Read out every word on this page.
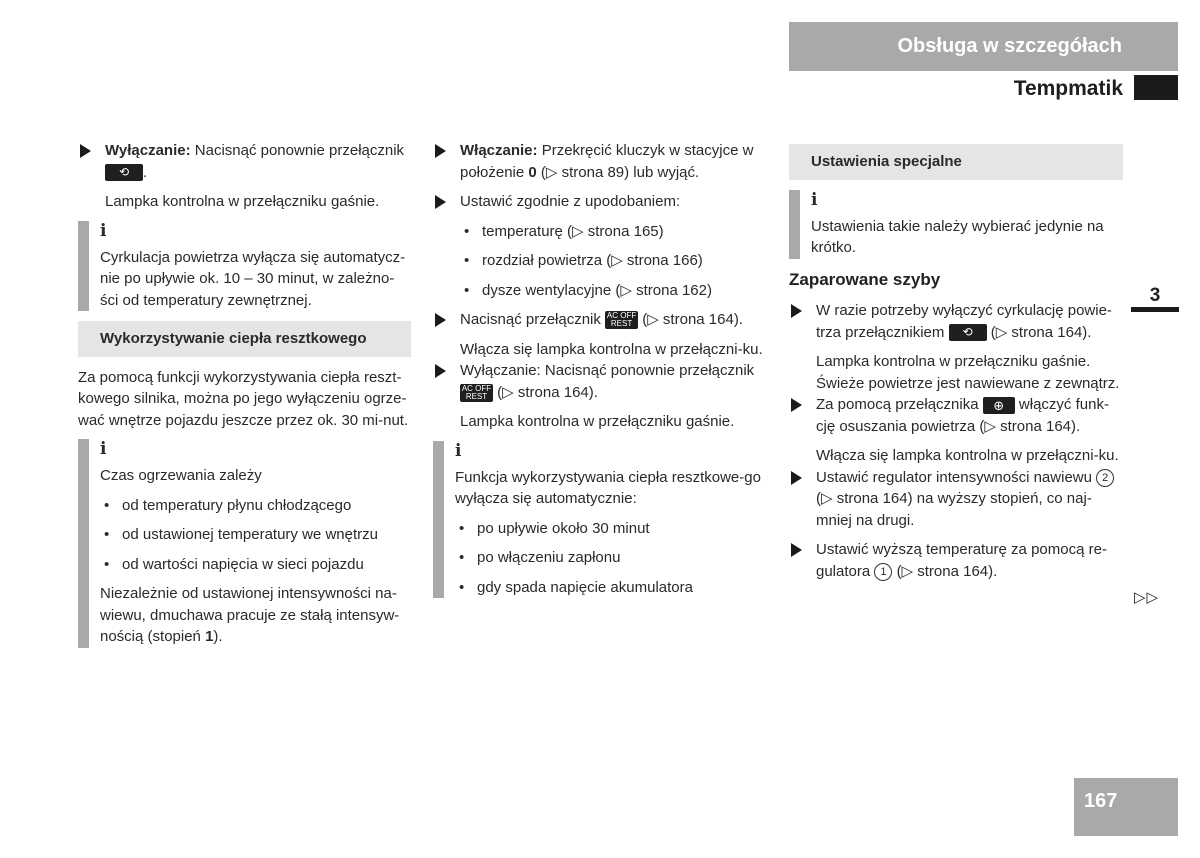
Obsługa w szczegółach
Tempmatik
3

Wyłączanie: Nacisnąć ponownie przełącznik
⟲ .

Lampka kontrolna w przełączniku gaśnie.

i

Cyrkulacja powietrza wyłącza się automatycz-nie po upływie ok. 10 – 30 minut, w zależno-ści od temperatury zewnętrznej.

Wykorzystywanie ciepła resztkowego

Za pomocą funkcji wykorzystywania ciepła reszt-kowego silnika, można po jego wyłączeniu ogrze-wać wnętrze pojazdu jeszcze przez ok. 30 mi-nut.

i

Czas ogrzewania zależy

• od temperatury płynu chłodzącego
• od ustawionej temperatury we wnętrzu
• od wartości napięcia w sieci pojazdu

Niezależnie od ustawionej intensywności na-wiewu, dmuchawa pracuje ze stałą intensyw-nością (stopień 1).

Włączanie: Przekręcić kluczyk w stacyjce w położenie 0 (▷ strona 89) lub wyjąć.

Ustawić zgodnie z upodobaniem:

• temperaturę (▷ strona 165)
• rozdział powietrza (▷ strona 166)
• dysze wentylacyjne (▷ strona 162)

Nacisnąć przełącznik AC OFF REST (▷ strona 164).

Włącza się lampka kontrolna w przełączni-ku.

Wyłączanie: Nacisnąć ponownie przełącznik
AC OFF REST (▷ strona 164).

Lampka kontrolna w przełączniku gaśnie.

i

Funkcja wykorzystywania ciepła resztkowe-go wyłącza się automatycznie:

• po upływie około 30 minut
• po włączeniu zapłonu
• gdy spada napięcie akumulatora
Ustawienia specjalne
i

Ustawienia takie należy wybierać jedynie na krótko.

Zaparowane szyby

W razie potrzeby wyłączyć cyrkulację powie-trza przełącznikiem ⟲ (▷ strona 164).

Lampka kontrolna w przełączniku gaśnie. Świeże powietrze jest nawiewane z zewnątrz.

Za pomocą przełącznika ⊕ włączyć funk-cję osuszania powietrza (▷ strona 164).

Włącza się lampka kontrolna w przełączni-ku.

Ustawić regulator intensywności nawiewu 2 (▷ strona 164) na wyższy stopień, co naj-mniej na drugi.

Ustawić wyższą temperaturę za pomocą re-gulatora 1 (▷ strona 164).

▷▷
167
